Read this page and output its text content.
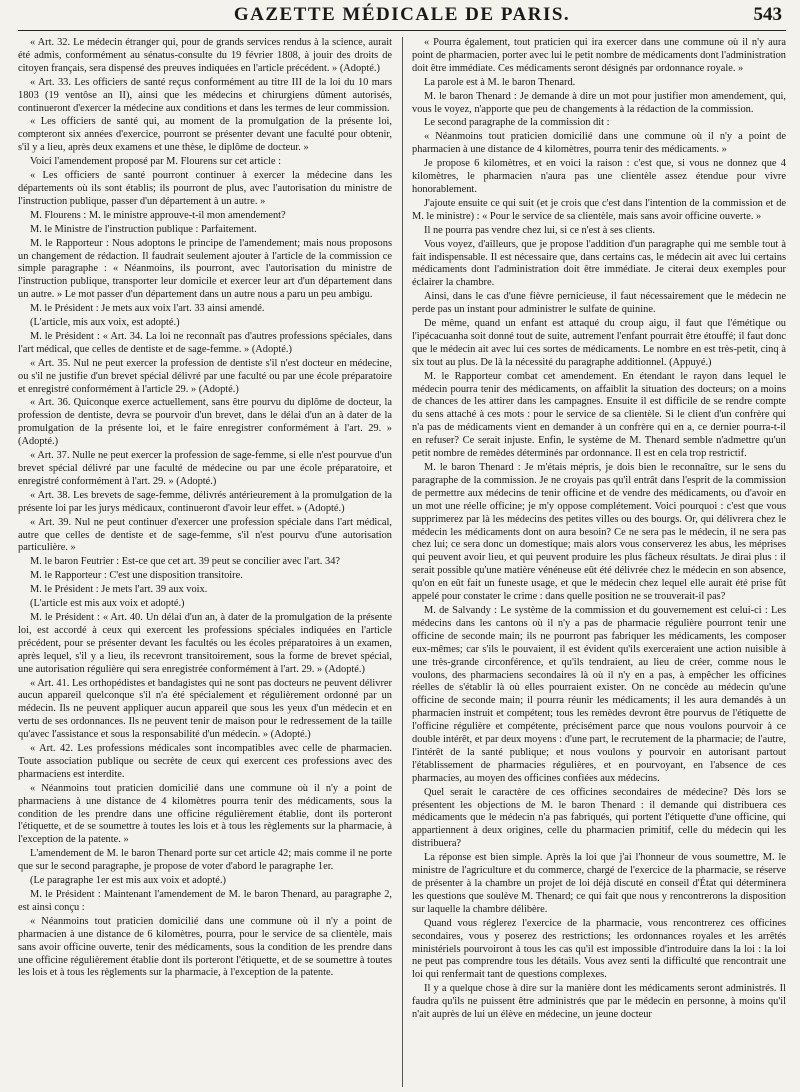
GAZETTE MÉDICALE DE PARIS.	543

« Art. 32. Le médecin étranger qui, pour de grands services rendus à la science, aurait été admis, conformément au sénatus-consulte du 19 février 1808, à jouir des droits de citoyen français, sera dispensé des preuves indiquées en l'article précédent. » (Adopté.)

« Art. 33. Les officiers de santé reçus conformément au titre III de la loi du 10 mars 1803 (19 ventôse an II), ainsi que les médecins et chirurgiens dûment autorisés, continueront d'exercer la médecine aux conditions et dans les termes de leur commission.

« Les officiers de santé qui, au moment de la promulgation de la présente loi, compteront six années d'exercice, pourront se présenter devant une faculté pour obtenir, s'il y a lieu, après deux examens et une thèse, le diplôme de docteur. »

Voici l'amendement proposé par M. Flourens sur cet article :

« Les officiers de santé pourront continuer à exercer la médecine dans les départements où ils sont établis; ils pourront de plus, avec l'autorisation du ministre de l'instruction publique, passer d'un département à un autre. »

M. Flourens : M. le ministre approuve-t-il mon amendement?

M. le Ministre de l'instruction publique : Parfaitement.

M. le Rapporteur : Nous adoptons le principe de l'amendement; mais nous proposons un changement de rédaction. Il faudrait seulement ajouter à l'article de la commission ce simple paragraphe : « Néanmoins, ils pourront, avec l'autorisation du ministre de l'instruction publique, transporter leur domicile et exercer leur art d'un département dans un autre. » Le mot passer d'un département dans un autre nous a paru un peu ambigu.

M. le Président : Je mets aux voix l'art. 33 ainsi amendé.

(L'article, mis aux voix, est adopté.)

M. le Président : « Art. 34. La loi ne reconnaît pas d'autres professions spéciales, dans l'art médical, que celles de dentiste et de sage-femme. » (Adopté.)

« Art. 35. Nul ne peut exercer la profession de dentiste s'il n'est docteur en médecine, ou s'il ne justifie d'un brevet spécial délivré par une faculté ou par une école préparatoire et enregistré conformément à l'article 29. » (Adopté.)

« Art. 36. Quiconque exerce actuellement, sans être pourvu du diplôme de docteur, la profession de dentiste, devra se pourvoir d'un brevet, dans le délai d'un an à dater de la promulgation de la présente loi, et le faire enregistrer conformément à l'art. 29. » (Adopté.)

« Art. 37. Nulle ne peut exercer la profession de sage-femme, si elle n'est pourvue d'un brevet spécial délivré par une faculté de médecine ou par une école préparatoire, et enregistré conformément à l'art. 29. » (Adopté.)

« Art. 38. Les brevets de sage-femme, délivrés antérieurement à la promulgation de la présente loi par les jurys médicaux, continueront d'avoir leur effet. » (Adopté.)

« Art. 39. Nul ne peut continuer d'exercer une profession spéciale dans l'art médical, autre que celles de dentiste et de sage-femme, s'il n'est pourvu d'une autorisation particulière. »

M. le baron Feutrier : Est-ce que cet art. 39 peut se concilier avec l'art. 34?

M. le Rapporteur : C'est une disposition transitoire.

M. le Président : Je mets l'art. 39 aux voix.

(L'article est mis aux voix et adopté.)

M. le Président : « Art. 40. Un délai d'un an, à dater de la promulgation de la présente loi, est accordé à ceux qui exercent les professions spéciales indiquées en l'article précédent, pour se présenter devant les facultés ou les écoles préparatoires à un examen, après lequel, s'il y a lieu, ils recevront transitoirement, sous la forme de brevet spécial, une autorisation régulière qui sera enregistrée conformément à l'art. 29. » (Adopté.)

« Art. 41. Les orthopédistes et bandagistes qui ne sont pas docteurs ne peuvent délivrer aucun appareil quelconque s'il n'a été spécialement et régulièrement ordonné par un médecin. Ils ne peuvent appliquer aucun appareil que sous les yeux d'un médecin et en vertu de ses ordonnances. Ils ne peuvent tenir de maison pour le redressement de la taille qu'avec l'assistance et sous la responsabilité d'un médecin. » (Adopté.)

« Art. 42. Les professions médicales sont incompatibles avec celle de pharmacien. Toute association publique ou secrète de ceux qui exercent ces professions avec des pharmaciens est interdite.

« Néanmoins tout praticien domicilié dans une commune où il n'y a point de pharmaciens à une distance de 4 kilomètres pourra tenir des médicaments, sous la condition de les prendre dans une officine régulièrement établie, dont ils porteront l'étiquette, et de se soumettre à toutes les lois et à tous les règlements sur la pharmacie, à l'exception de la patente. »

L'amendement de M. le baron Thenard porte sur cet article 42; mais comme il ne porte que sur le second paragraphe, je propose de voter d'abord le paragraphe 1er.

(Le paragraphe 1er est mis aux voix et adopté.)

M. le Président : Maintenant l'amendement de M. le baron Thenard, au paragraphe 2, est ainsi conçu :

« Néanmoins tout praticien domicilié dans une commune où il n'y a point de pharmacien à une distance de 6 kilomètres, pourra, pour le service de sa clientèle, mais sans avoir officine ouverte, tenir des médicaments, sous la condition de les prendre dans une officine régulièrement établie dont ils porteront l'étiquette, et de se soumettre à toutes les lois et à tous les règlements sur la pharmacie, à l'exception de la patente.

« Pourra également, tout praticien qui ira exercer dans une commune où il n'y aura point de pharmacien, porter avec lui le petit nombre de médicaments dont l'administration doit être immédiate. Ces médicaments seront désignés par ordonnance royale. »

La parole est à M. le baron Thenard.

M. le baron Thenard : Je demande à dire un mot pour justifier mon amendement, qui, vous le voyez, n'apporte que peu de changements à la rédaction de la commission.

Le second paragraphe de la commission dit :

« Néanmoins tout praticien domicilié dans une commune où il n'y a point de pharmacien à une distance de 4 kilomètres, pourra tenir des médicaments. »

Je propose 6 kilomètres, et en voici la raison : c'est que, si vous ne donnez que 4 kilomètres, le pharmacien n'aura pas une clientèle assez étendue pour vivre honorablement.

J'ajoute ensuite ce qui suit (et je crois que c'est dans l'intention de la commission et de M. le ministre) : « Pour le service de sa clientèle, mais sans avoir officine ouverte. »

Il ne pourra pas vendre chez lui, si ce n'est à ses clients.

Vous voyez, d'ailleurs, que je propose l'addition d'un paragraphe qui me semble tout à fait indispensable. Il est nécessaire que, dans certains cas, le médecin ait avec lui certains médicaments dont l'administration doit être immédiate. Je citerai deux exemples pour éclairer la chambre.

Ainsi, dans le cas d'une fièvre pernicieuse, il faut nécessairement que le médecin ne perde pas un instant pour administrer le sulfate de quinine.

De même, quand un enfant est attaqué du croup aigu, il faut que l'émétique ou l'ipécacuanha soit donné tout de suite, autrement l'enfant pourrait être étouffé; il faut donc que le médecin ait avec lui ces sortes de médicaments. Le nombre en est très-petit, cinq à six tout au plus. De là la nécessité du paragraphe additionnel. (Appuyé.)

M. le Rapporteur combat cet amendement. En étendant le rayon dans lequel le médecin pourra tenir des médicaments, on affaiblit la situation des docteurs; on a moins de chances de les attirer dans les campagnes. Ensuite il est difficile de se rendre compte du sens attaché à ces mots : pour le service de sa clientèle. Si le client d'un confrère qui n'a pas de médicaments vient en demander à un confrère qui en a, ce dernier pourra-t-il en refuser? Ce serait injuste. Enfin, le système de M. Thenard semble n'admettre qu'un petit nombre de remèdes déterminés par ordonnance. Il est en cela trop restrictif.

M. le baron Thenard : Je m'étais mépris, je dois bien le reconnaître, sur le sens du paragraphe de la commission. Je ne croyais pas qu'il entrât dans l'esprit de la commission de permettre aux médecins de tenir officine et de vendre des médicaments, ou d'avoir en un mot une réelle officine; je m'y oppose complétement. Voici pourquoi : c'est que vous supprimerez par là les médecins des petites villes ou des bourgs. Or, qui délivrera chez le médecin les médicaments dont on aura besoin? Ce ne sera pas le médecin, il ne sera pas chez lui; ce sera donc un domestique; mais alors vous conserverez les abus, les méprises qui peuvent avoir lieu, et qui peuvent produire les plus fâcheux résultats. Je dirai plus : il serait possible qu'une matière vénéneuse eût été délivrée chez le médecin en son absence, qu'on en eût fait un funeste usage, et que le médecin chez lequel elle aurait été prise fût appelé pour constater le crime : dans quelle position ne se trouverait-il pas?

M. de Salvandy : Le système de la commission et du gouvernement est celui-ci : Les médecins dans les cantons où il n'y a pas de pharmacie régulière pourront tenir une officine de seconde main; ils ne pourront pas fabriquer les médicaments, les composer eux-mêmes; car s'ils le pouvaient, il est évident qu'ils exerceraient une action nuisible à une très-grande circonférence, et qu'ils tendraient, au lieu de créer, comme nous le voulons, des pharmaciens secondaires là où il n'y en a pas, à empêcher les officines réelles de s'établir là où elles pourraient exister. On ne concède au médecin qu'une officine de seconde main; il pourra réunir les médicaments; il les aura demandés à un pharmacien instruit et compétent; tous les remèdes devront être pourvus de l'étiquette de l'officine régulière et compétente, précisément parce que nous voulons pourvoir à ce double intérêt, et par deux moyens : d'une part, le recrutement de la pharmacie; de l'autre, l'intérêt de la santé publique; et nous voulons y pourvoir en autorisant partout l'établissement de pharmacies régulières, et en pourvoyant, en l'absence de ces pharmacies, au moyen des officines confiées aux médecins.

Quel serait le caractère de ces officines secondaires de médecine? Dès lors se présentent les objections de M. le baron Thenard : il demande qui distribuera ces médicaments que le médecin n'a pas fabriqués, qui portent l'étiquette d'une officine, qui appartiennent à deux origines, celle du pharmacien primitif, celle du médecin qui les distribuera?

La réponse est bien simple. Après la loi que j'ai l'honneur de vous soumettre, M. le ministre de l'agriculture et du commerce, chargé de l'exercice de la pharmacie, se réserve de présenter à la chambre un projet de loi déjà discuté en conseil d'État qui déterminera les questions que soulève M. Thenard; ce qui fait que nous y rencontrerons la disposition sur laquelle la chambre délibère.

Quand vous réglerez l'exercice de la pharmacie, vous rencontrerez ces officines secondaires, vous y poserez des restrictions; les ordonnances royales et les arrêtés ministériels pourvoiront à tous les cas qu'il est impossible d'introduire dans la loi : la loi ne peut pas comprendre tous les détails. Vous avez senti la difficulté que rencontrait une loi qui renfermait tant de questions complexes.

Il y a quelque chose à dire sur la manière dont les médicaments seront administrés. Il faudra qu'ils ne puissent être administrés que par le médecin en personne, à moins qu'il n'ait auprès de lui un élève en médecine, un jeune docteur
